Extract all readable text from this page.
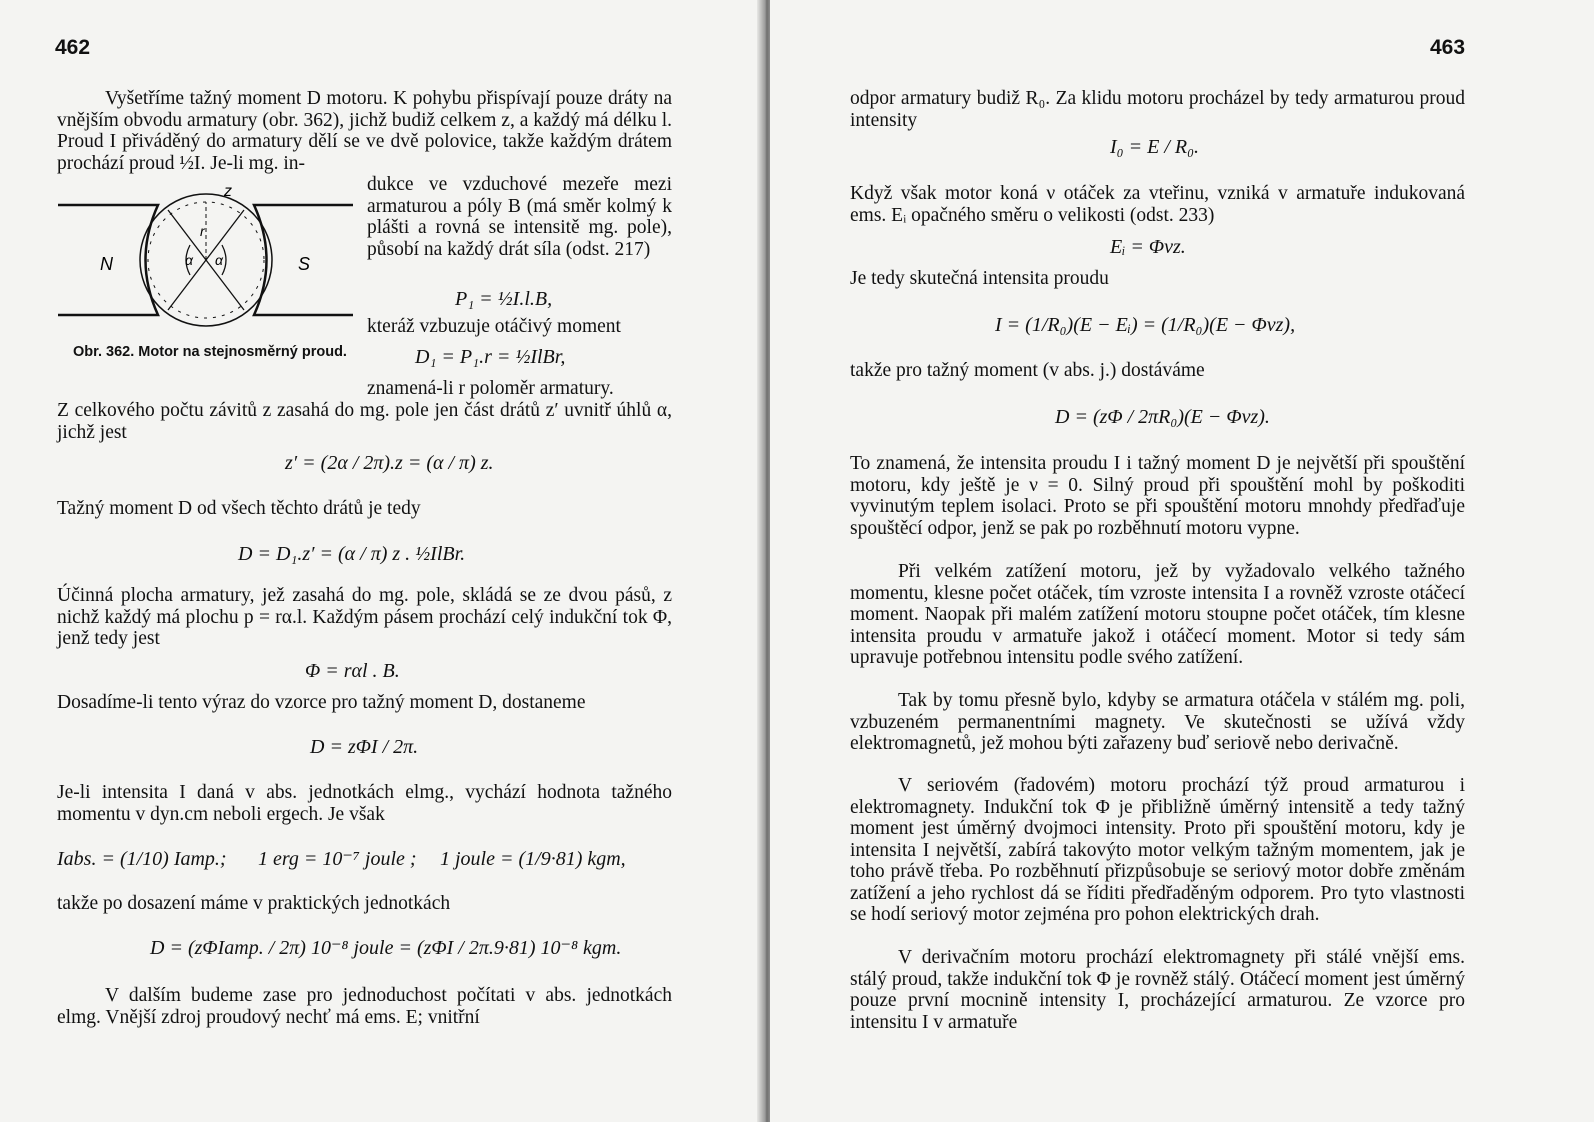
462

Vyšetříme tažný moment D motoru. K pohybu přispívají pouze dráty na vnějším obvodu armatury (obr. 362), jichž budiž celkem z, a každý má délku l. Proud I přiváděný do armatury dělí se ve dvě polovice, takže každým drátem prochází proud ½I. Je-li mg. in-

N	S
z
r
α α
Obr. 362. Motor na stejnosměrný proud.

dukce ve vzduchové mezeře mezi armaturou a póly B (má směr kolmý k plášti a rovná se intensitě mg. pole), působí na každý drát síla (odst. 217)

P₁ = ½I.l.B,

kteráž vzbuzuje otáčivý moment

D₁ = P₁.r = ½IlBr,

znamená-li r poloměr armatury.

Z celkového počtu závitů z zasahá do mg. pole jen část drátů z′ uvnitř úhlů α, jichž jest

z′ = (2α / 2π).z = (α / π) z.

Tažný moment D od všech těchto drátů je tedy

D = D₁.z′ = (α / π) z . ½IlBr.

Účinná plocha armatury, jež zasahá do mg. pole, skládá se ze dvou pásů, z nichž každý má plochu p = rα.l. Každým pásem prochází celý indukční tok Φ, jenž tedy jest

Φ = rαl . B.

Dosadíme-li tento výraz do vzorce pro tažný moment D, dostaneme

D = zΦI / 2π.

Je-li intensita I daná v abs. jednotkách elmg., vychází hodnota tažného momentu v dyn.cm neboli ergech. Je však

Iabs. = (1/10) Iamp.; 1 erg = 10⁻⁷ joule ; 1 joule = (1/9·81) kgm,

takže po dosazení máme v praktických jednotkách

D = (zΦIamp. / 2π) 10⁻⁸ joule = (zΦI / 2π.9·81) 10⁻⁸ kgm.

V dalším budeme zase pro jednoduchost počítati v abs. jednotkách elmg. Vnější zdroj proudový nechť má ems. E; vnitřní

463

odpor armatury budiž R₀. Za klidu motoru procházel by tedy armaturou proud intensity

I₀ = E / R₀.

Když však motor koná ν otáček za vteřinu, vzniká v armatuře indukovaná ems. Eᵢ opačného směru o velikosti (odst. 233)

Eᵢ = Φνz.

Je tedy skutečná intensita proudu

I = (1/R₀)(E − Eᵢ) = (1/R₀)(E − Φνz),

takže pro tažný moment (v abs. j.) dostáváme

D = (zΦ / 2πR₀)(E − Φνz).

To znamená, že intensita proudu I i tažný moment D je největší při spouštění motoru, kdy ještě je ν = 0. Silný proud při spouštění mohl by poškoditi vyvinutým teplem isolaci. Proto se při spouštění motoru mnohdy předřaďuje spouštěcí odpor, jenž se pak po rozběhnutí motoru vypne.

Při velkém zatížení motoru, jež by vyžadovalo velkého tažného momentu, klesne počet otáček, tím vzroste intensita I a rovněž vzroste otáčecí moment. Naopak při malém zatížení motoru stoupne počet otáček, tím klesne intensita proudu v armatuře jakož i otáčecí moment. Motor si tedy sám upravuje potřebnou intensitu podle svého zatížení.

Tak by tomu přesně bylo, kdyby se armatura otáčela v stálém mg. poli, vzbuzeném permanentními magnety. Ve skutečnosti se užívá vždy elektromagnetů, jež mohou býti zařazeny buď seriově nebo derivačně.

V seriovém (řadovém) motoru prochází týž proud armaturou i elektromagnety. Indukční tok Φ je přibližně úměrný intensitě a tedy tažný moment jest úměrný dvojmoci intensity. Proto při spouštění motoru, kdy je intensita I největší, zabírá takovýto motor velkým tažným momentem, jak je toho právě třeba. Po rozběhnutí přizpůsobuje se seriový motor dobře změnám zatížení a jeho rychlost dá se říditi předřaděným odporem. Pro tyto vlastnosti se hodí seriový motor zejména pro pohon elektrických drah.

V derivačním motoru prochází elektromagnety při stálé vnější ems. stálý proud, takže indukční tok Φ je rovněž stálý. Otáčecí moment jest úměrný pouze první mocnině intensity I, procházející armaturou. Ze vzorce pro intensitu I v armatuře
